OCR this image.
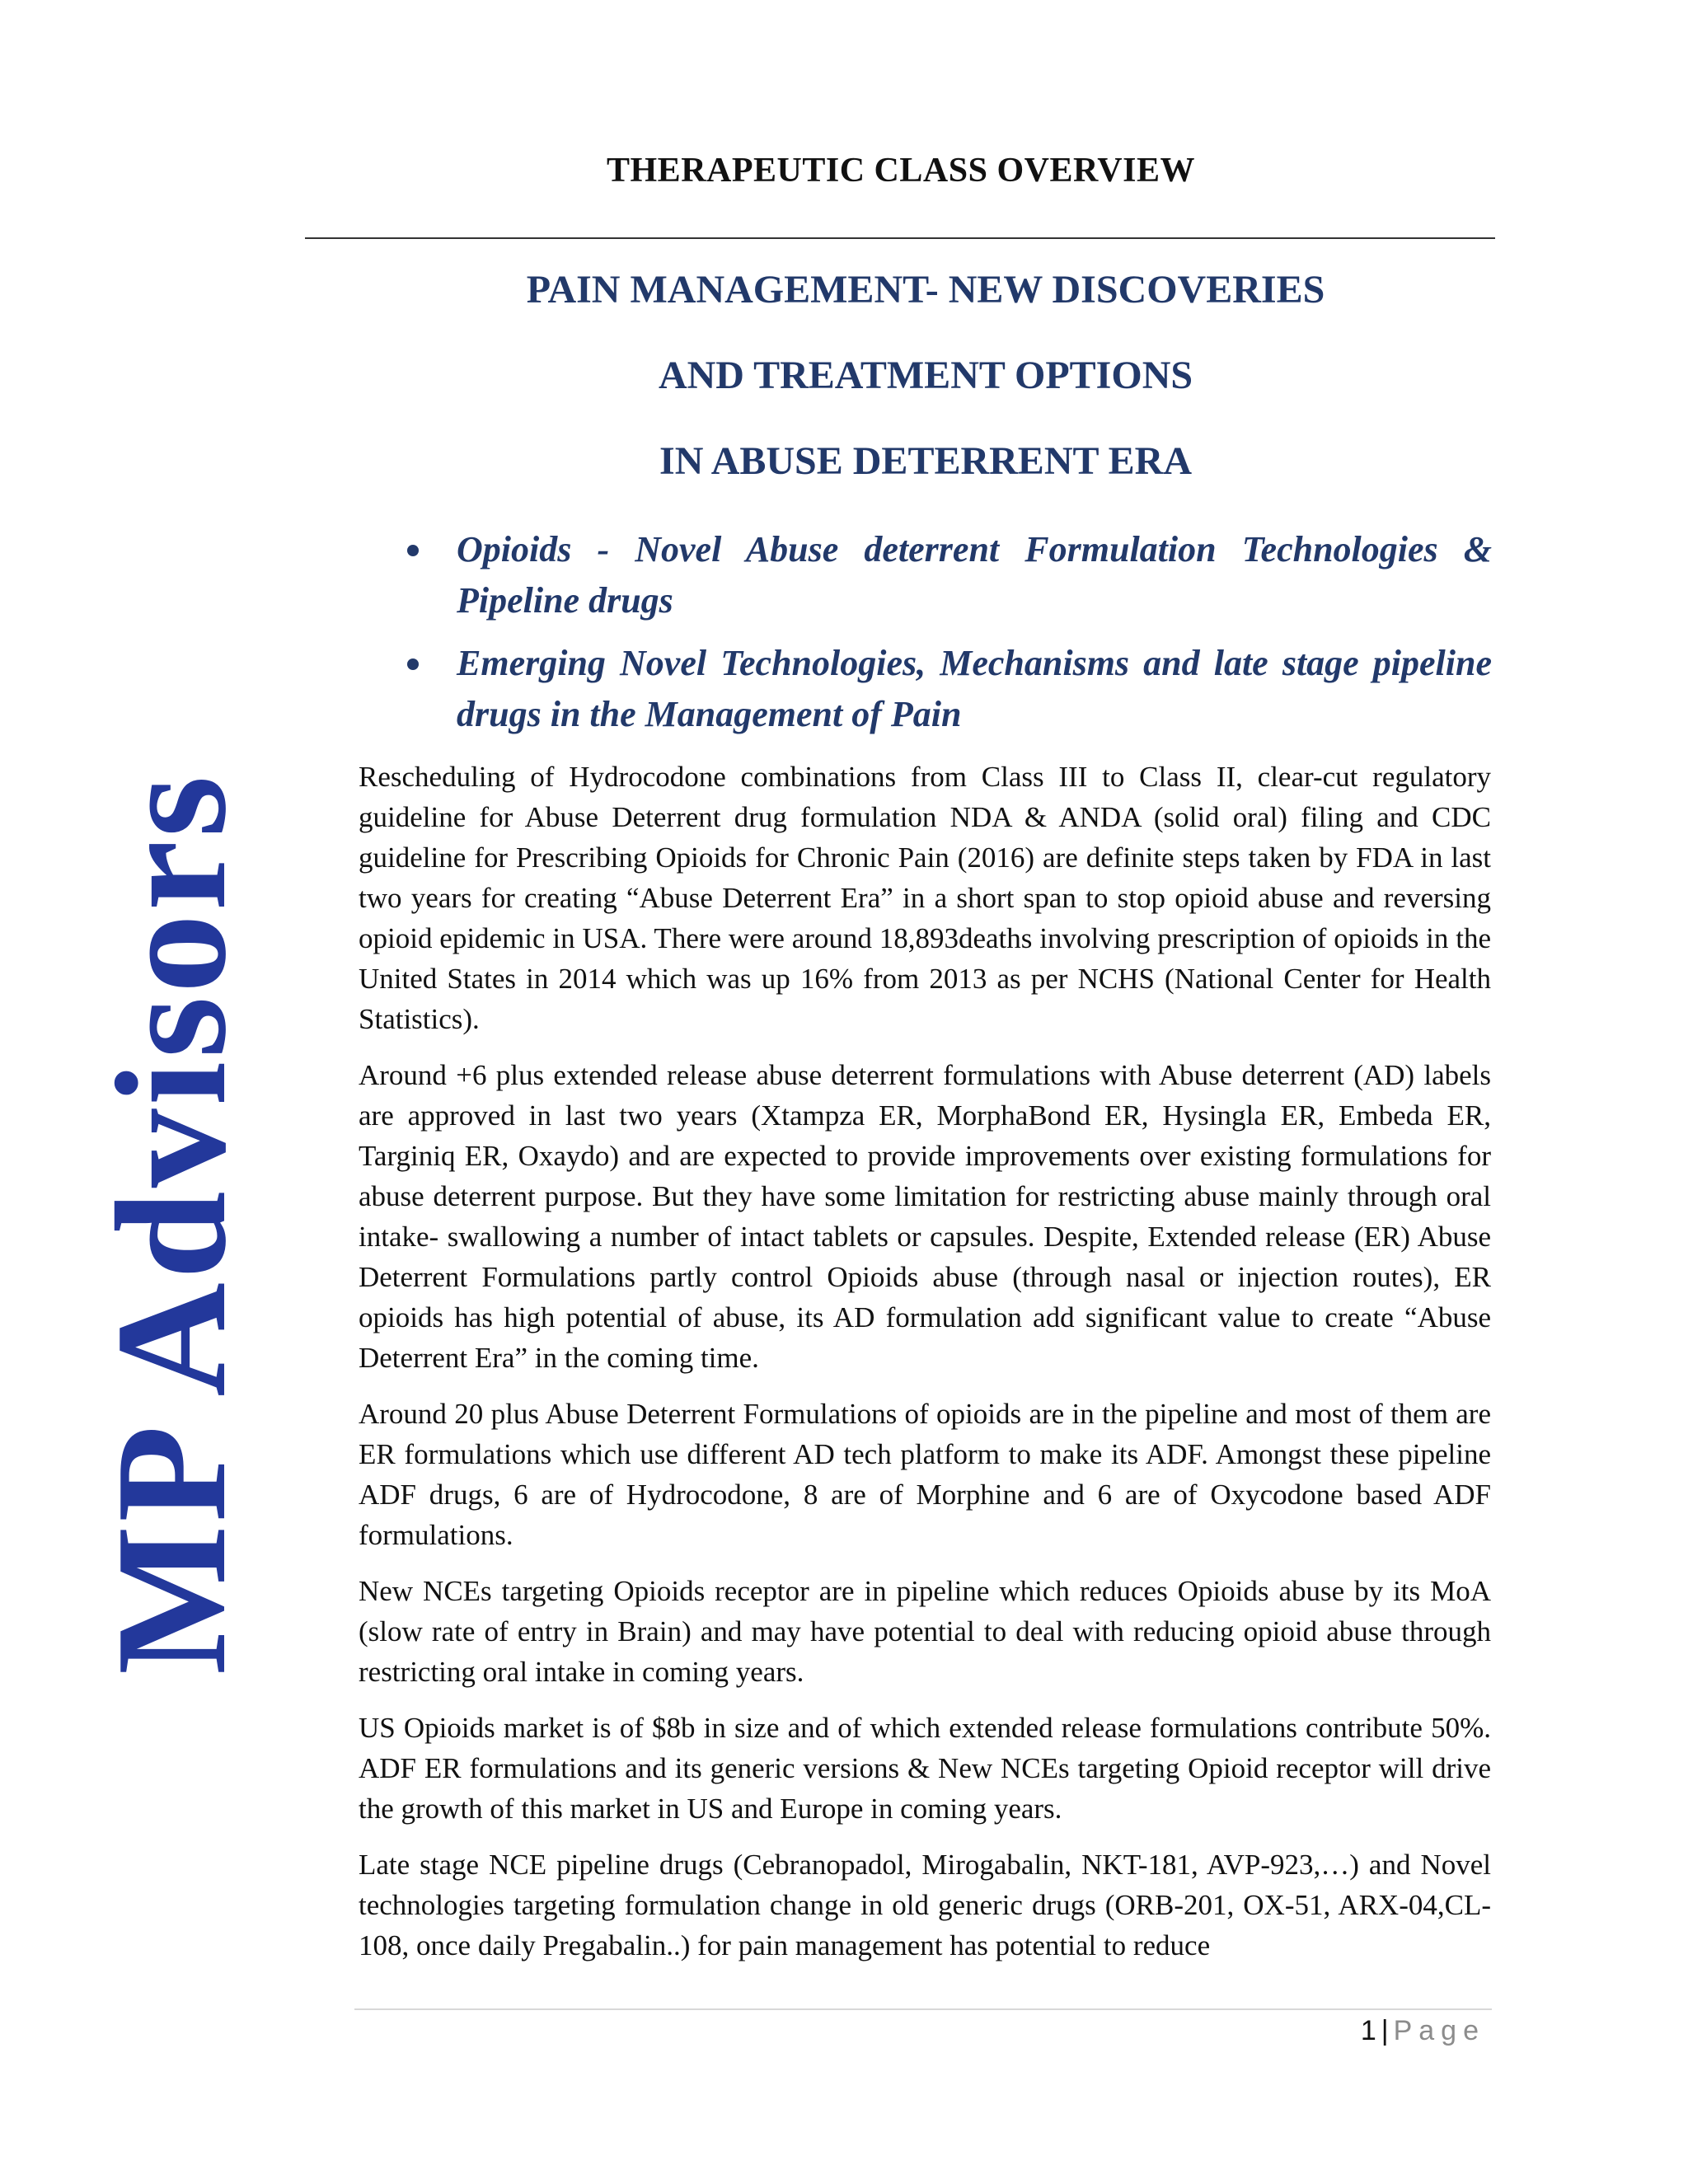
THERAPEUTIC CLASS OVERVIEW
PAIN MANAGEMENT- NEW DISCOVERIES
AND TREATMENT OPTIONS
IN ABUSE DETERRENT ERA
Opioids - Novel Abuse deterrent Formulation Technologies & Pipeline drugs
Emerging Novel Technologies, Mechanisms and late stage pipeline drugs in the Management of Pain

Rescheduling of Hydrocodone combinations from Class III to Class II, clear-cut regulatory guideline for Abuse Deterrent drug formulation NDA & ANDA (solid oral) filing and CDC guideline for Prescribing Opioids for Chronic Pain (2016) are definite steps taken by FDA in last two years for creating “Abuse Deterrent Era” in a short span to stop opioid abuse and reversing opioid epidemic in USA. There were around 18,893deaths involving prescription of opioids in the United States in 2014 which was up 16% from 2013 as per NCHS (National Center for Health Statistics).

Around +6 plus extended release abuse deterrent formulations with Abuse deterrent (AD) labels are approved in last two years (Xtampza ER, MorphaBond ER, Hysingla ER, Embeda ER, Targiniq ER, Oxaydo) and are expected to provide improvements over existing formulations for abuse deterrent purpose. But they have some limitation for restricting abuse mainly through oral intake- swallowing a number of intact tablets or capsules. Despite, Extended release (ER) Abuse Deterrent Formulations partly control Opioids abuse (through nasal or injection routes), ER opioids has high potential of abuse, its AD formulation add significant value to create “Abuse Deterrent Era” in the coming time.

Around 20 plus Abuse Deterrent Formulations of opioids are in the pipeline and most of them are ER formulations which use different AD tech platform to make its ADF. Amongst these pipeline ADF drugs, 6 are of Hydrocodone, 8 are of Morphine and 6 are of Oxycodone based ADF formulations.

New NCEs targeting Opioids receptor are in pipeline which reduces Opioids abuse by its MoA (slow rate of entry in Brain) and may have potential to deal with reducing opioid abuse through restricting oral intake in coming years.

US Opioids market is of $8b in size and of which extended release formulations contribute 50%. ADF ER formulations and its generic versions & New NCEs targeting Opioid receptor will drive the growth of this market in US and Europe in coming years.

Late stage NCE pipeline drugs (Cebranopadol, Mirogabalin, NKT-181, AVP-923,…) and Novel technologies targeting formulation change in old generic drugs (ORB-201, OX-51, ARX-04,CL-108, once daily Pregabalin..) for pain management has potential to reduce

MP Advisors
1 | Page
